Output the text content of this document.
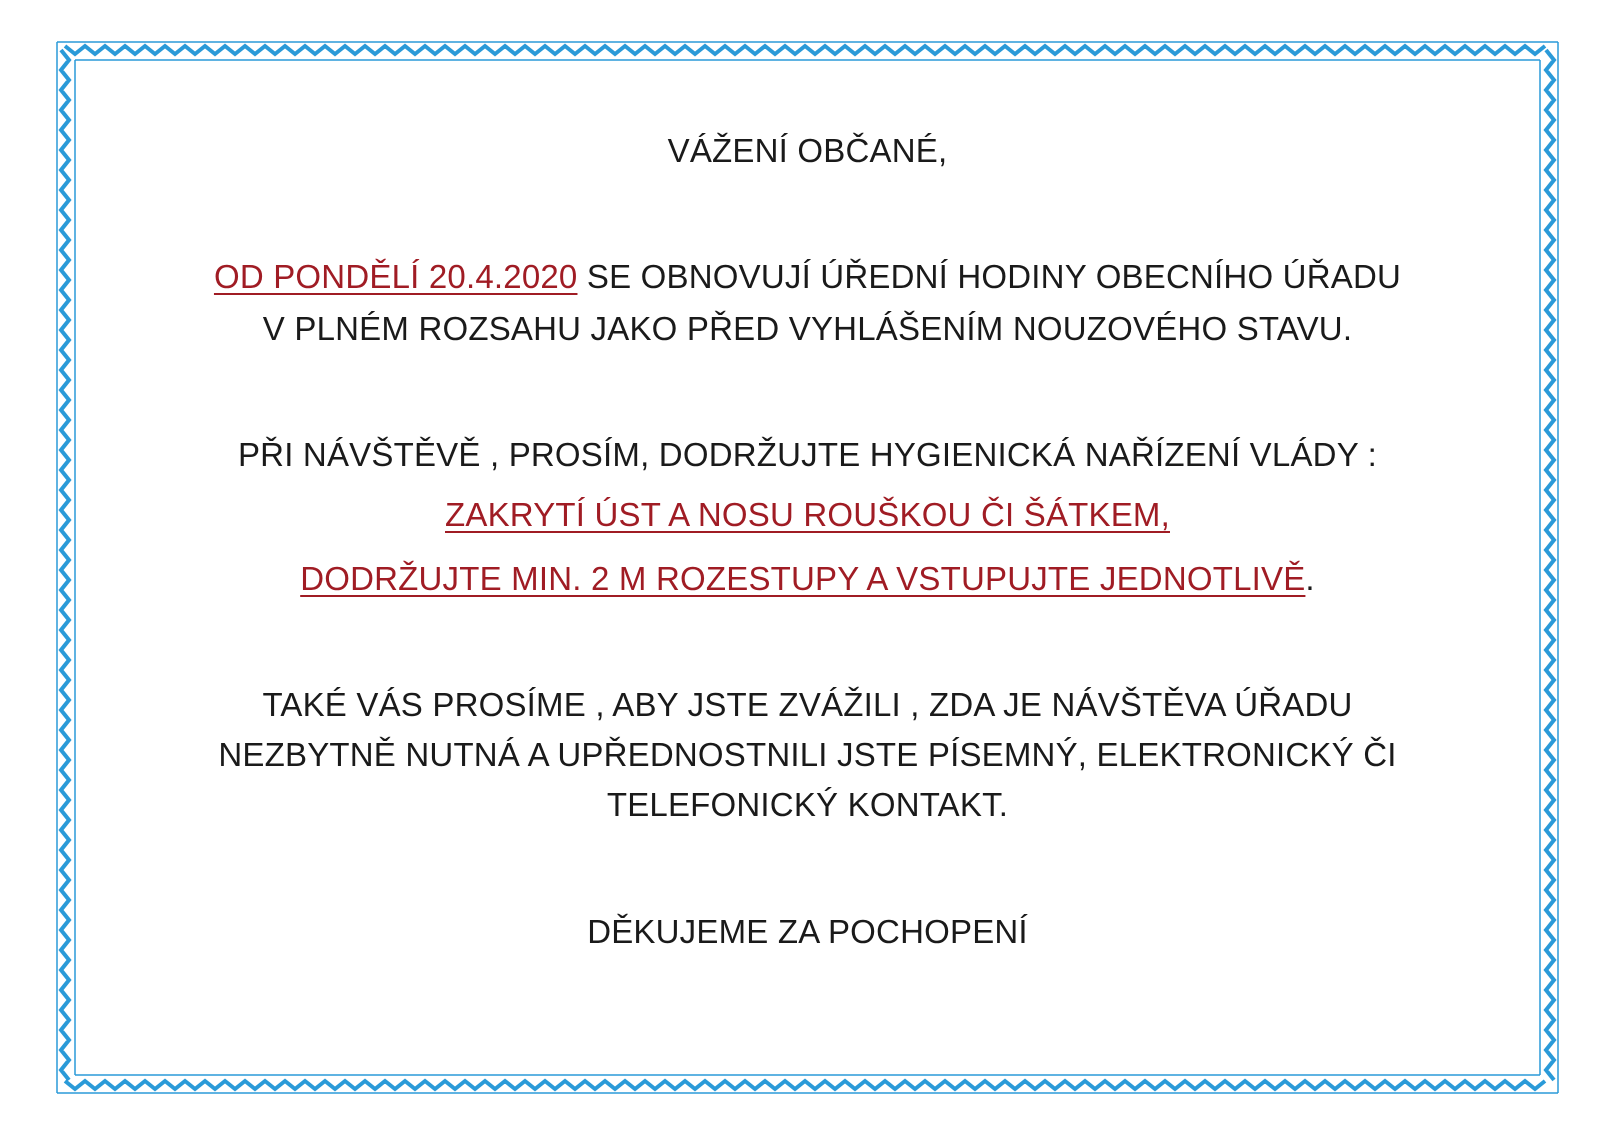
VÁŽENÍ OBČANÉ,
OD PONDĚLÍ 20.4.2020 SE OBNOVUJÍ ÚŘEDNÍ HODINY OBECNÍHO ÚŘADU
V PLNÉM ROZSAHU JAKO PŘED VYHLÁŠENÍM NOUZOVÉHO STAVU.
PŘI NÁVŠTĚVĚ , PROSÍM, DODRŽUJTE HYGIENICKÁ NAŘÍZENÍ VLÁDY :
ZAKRYTÍ ÚST A NOSU ROUŠKOU ČI ŠÁTKEM,
DODRŽUJTE MIN. 2 M ROZESTUPY A VSTUPUJTE JEDNOTLIVĚ.
TAKÉ VÁS PROSÍME , ABY JSTE ZVÁŽILI , ZDA JE NÁVŠTĚVA ÚŘADU
NEZBYTNĚ NUTNÁ A UPŘEDNOSTNILI JSTE PÍSEMNÝ, ELEKTRONICKÝ ČI
TELEFONICKÝ KONTAKT.
DĚKUJEME ZA POCHOPENÍ
